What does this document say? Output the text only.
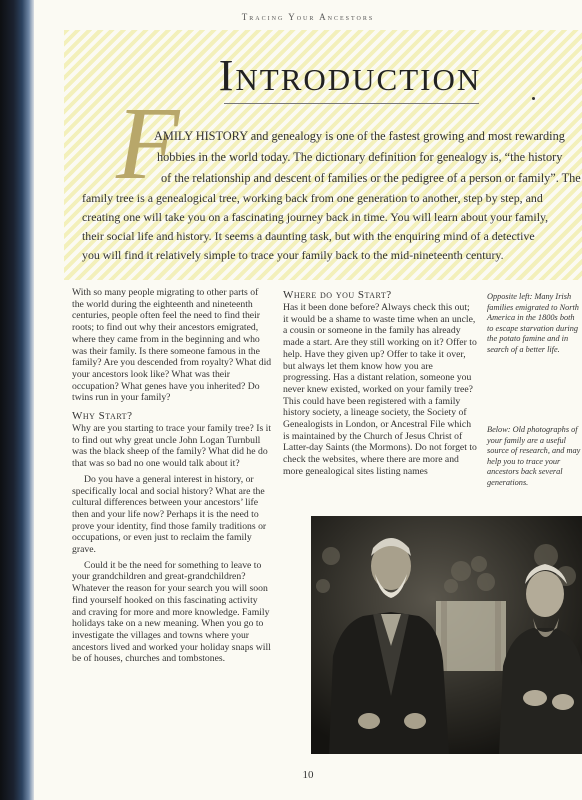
Tracing Your Ancestors
Introduction
F
AMILY HISTORY and genealogy is one of the fastest growing and most rewarding
hobbies in the world today. The dictionary definition for genealogy is, “the history
of the relationship and descent of families or the pedigree of a person or family”. The
family tree is a genealogical tree, working back from one generation to another, step by step, and
creating one will take you on a fascinating journey back in time. You will learn about your family,
their social life and history. It seems a daunting task, but with the enquiring mind of a detective
you will find it relatively simple to trace your family back to the mid-nineteenth century.

With so many people migrating to other parts of the world during the eighteenth and nineteenth centuries, people often feel the need to find their roots; to find out why their ancestors emigrated, where they came from in the beginning and who was their family. Is there someone famous in the family? Are you descended from royalty? What did your ancestors look like? What was their occupation? What genes have you inherited? Do twins run in your family?

Why Start?

Why are you starting to trace your family tree? Is it to find out why great uncle John Logan Turnbull was the black sheep of the family? What did he do that was so bad no one would talk about it?

Do you have a general interest in history, or specifically local and social history? What are the cultural differences between your ancestors’ life then and your life now? Perhaps it is the need to prove your identity, find those family traditions or occupations, or even just to reclaim the family grave.

Could it be the need for something to leave to your grandchildren and great-grandchildren? Whatever the reason for your search you will soon find yourself hooked on this fascinating activity and craving for more and more knowledge. Family holidays take on a new meaning. When you go to investigate the villages and towns where your ancestors lived and worked your holiday snaps will be of houses, churches and tombstones.

Where do you Start?

Has it been done before? Always check this out; it would be a shame to waste time when an uncle, a cousin or someone in the family has already made a start. Are they still working on it? Offer to help. Have they given up? Offer to take it over, but always let them know how you are progressing. Has a distant relation, someone you never knew existed, worked on your family tree? This could have been registered with a family history society, a lineage society, the Society of Genealogists in London, or Ancestral File which is maintained by the Church of Jesus Christ of Latter-day Saints (the Mormons). Do not forget to check the websites, where there are more and more genealogical sites listing names

Opposite left: Many Irish families emigrated to North America in the 1800s both to escape starvation during the potato famine and in search of a better life.
Below: Old photographs of your family are a useful source of research, and may help you to trace your ancestors back several generations.
10
